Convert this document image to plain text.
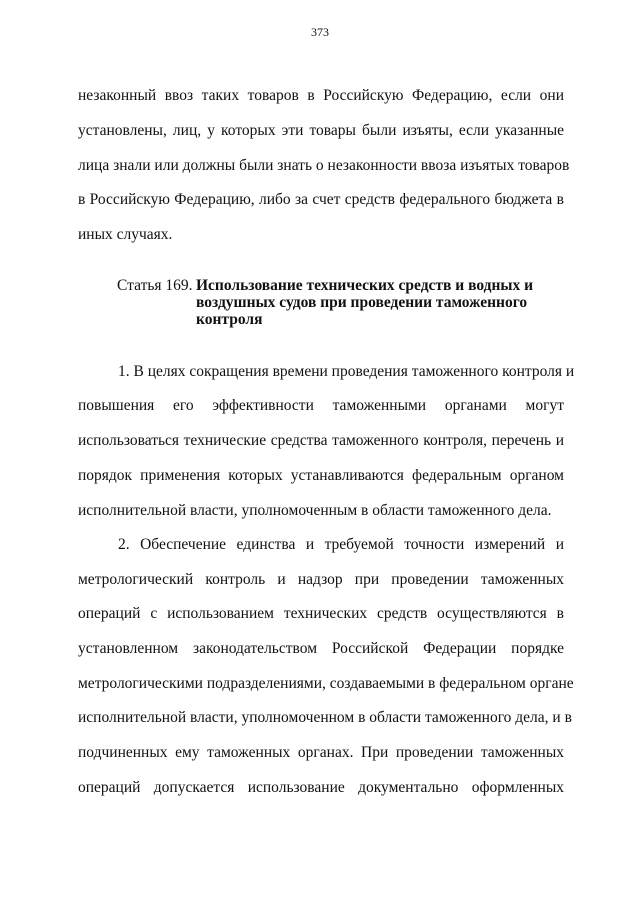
373
незаконный ввоз таких товаров в Российскую Федерацию, если они
установлены, лиц, у которых эти товары были изъяты, если указанные
лица знали или должны были знать о незаконности ввоза изъятых товаров
в Российскую Федерацию, либо за счет средств федерального бюджета в
иных случаях.
Статья 169. Использование технических средств и водных и
воздушных судов при проведении таможенного
контроля
1. В целях сокращения времени проведения таможенного контроля и
повышения его эффективности таможенными органами могут
использоваться технические средства таможенного контроля, перечень и
порядок применения которых устанавливаются федеральным органом
исполнительной власти, уполномоченным в области таможенного дела.
2. Обеспечение единства и требуемой точности измерений и
метрологический контроль и надзор при проведении таможенных
операций с использованием технических средств осуществляются в
установленном законодательством Российской Федерации порядке
метрологическими подразделениями, создаваемыми в федеральном органе
исполнительной власти, уполномоченном в области таможенного дела, и в
подчиненных ему таможенных органах. При проведении таможенных
операций допускается использование документально оформленных
